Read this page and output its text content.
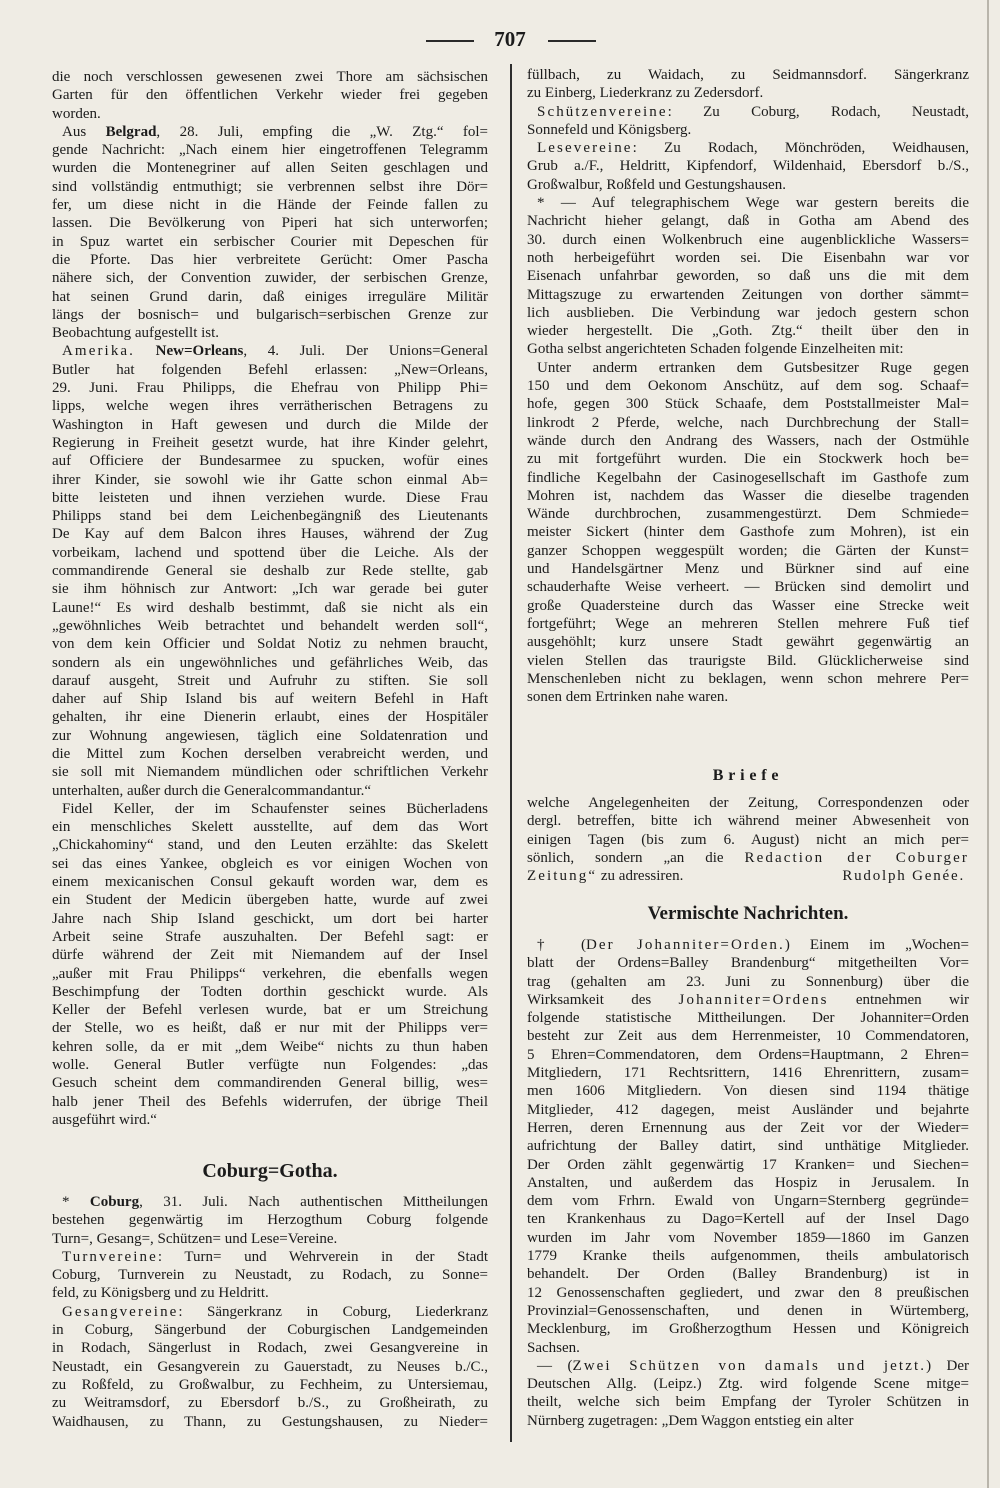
707
die noch verschlossen gewesenen zwei Thore am sächsischen
Garten für den öffentlichen Verkehr wieder frei gegeben
worden.
Aus Belgrad, 28. Juli, empfing die „W. Ztg.“ fol=
gende Nachricht: „Nach einem hier eingetroffenen Telegramm
wurden die Montenegriner auf allen Seiten geschlagen und
sind vollständig entmuthigt; sie verbrennen selbst ihre Dör=
fer, um diese nicht in die Hände der Feinde fallen zu
lassen. Die Bevölkerung von Piperi hat sich unterworfen;
in Spuz wartet ein serbischer Courier mit Depeschen für
die Pforte. Das hier verbreitete Gerücht: Omer Pascha
nähere sich, der Convention zuwider, der serbischen Grenze,
hat seinen Grund darin, daß einiges irreguläre Militär
längs der bosnisch= und bulgarisch=serbischen Grenze zur
Beobachtung aufgestellt ist.
Amerika. New=Orleans, 4. Juli. Der Unions=General
Butler hat folgenden Befehl erlassen: „New=Orleans,
29. Juni. Frau Philipps, die Ehefrau von Philipp Phi=
lipps, welche wegen ihres verrätherischen Betragens zu
Washington in Haft gewesen und durch die Milde der
Regierung in Freiheit gesetzt wurde, hat ihre Kinder gelehrt,
auf Officiere der Bundesarmee zu spucken, wofür eines
ihrer Kinder, sie sowohl wie ihr Gatte schon einmal Ab=
bitte leisteten und ihnen verziehen wurde. Diese Frau
Philipps stand bei dem Leichenbegängniß des Lieutenants
De Kay auf dem Balcon ihres Hauses, während der Zug
vorbeikam, lachend und spottend über die Leiche. Als der
commandirende General sie deshalb zur Rede stellte, gab
sie ihm höhnisch zur Antwort: „Ich war gerade bei guter
Laune!“ Es wird deshalb bestimmt, daß sie nicht als ein
„gewöhnliches Weib betrachtet und behandelt werden soll“,
von dem kein Officier und Soldat Notiz zu nehmen braucht,
sondern als ein ungewöhnliches und gefährliches Weib, das
darauf ausgeht, Streit und Aufruhr zu stiften. Sie soll
daher auf Ship Island bis auf weitern Befehl in Haft
gehalten, ihr eine Dienerin erlaubt, eines der Hospitäler
zur Wohnung angewiesen, täglich eine Soldatenration und
die Mittel zum Kochen derselben verabreicht werden, und
sie soll mit Niemandem mündlichen oder schriftlichen Verkehr
unterhalten, außer durch die Generalcommandantur.“
Fidel Keller, der im Schaufenster seines Bücherladens
ein menschliches Skelett ausstellte, auf dem das Wort
„Chickahominy“ stand, und den Leuten erzählte: das Skelett
sei das eines Yankee, obgleich es vor einigen Wochen von
einem mexicanischen Consul gekauft worden war, dem es
ein Student der Medicin übergeben hatte, wurde auf zwei
Jahre nach Ship Island geschickt, um dort bei harter
Arbeit seine Strafe auszuhalten. Der Befehl sagt: er
dürfe während der Zeit mit Niemandem auf der Insel
„außer mit Frau Philipps“ verkehren, die ebenfalls wegen
Beschimpfung der Todten dorthin geschickt wurde. Als
Keller der Befehl verlesen wurde, bat er um Streichung
der Stelle, wo es heißt, daß er nur mit der Philipps ver=
kehren solle, da er mit „dem Weibe“ nichts zu thun haben
wolle. General Butler verfügte nun Folgendes: „das
Gesuch scheint dem commandirenden General billig, wes=
halb jener Theil des Befehls widerrufen, der übrige Theil
ausgeführt wird.“
Coburg=Gotha.
* Coburg, 31. Juli. Nach authentischen Mittheilungen
bestehen gegenwärtig im Herzogthum Coburg folgende
Turn=, Gesang=, Schützen= und Lese=Vereine.
Turnvereine: Turn= und Wehrverein in der Stadt
Coburg, Turnverein zu Neustadt, zu Rodach, zu Sonne=
feld, zu Königsberg und zu Heldritt.
Gesangvereine: Sängerkranz in Coburg, Liederkranz
in Coburg, Sängerbund der Coburgischen Landgemeinden
in Rodach, Sängerlust in Rodach, zwei Gesangvereine in
Neustadt, ein Gesangverein zu Gauerstadt, zu Neuses b./C.,
zu Roßfeld, zu Großwalbur, zu Fechheim, zu Untersiemau,
zu Weitramsdorf, zu Ebersdorf b./S., zu Großheirath, zu
Waidhausen, zu Thann, zu Gestungshausen, zu Nieder=
füllbach, zu Waidach, zu Seidmannsdorf. Sängerkranz
zu Einberg, Liederkranz zu Zedersdorf.
Schützenvereine: Zu Coburg, Rodach, Neustadt,
Sonnefeld und Königsberg.
Lesevereine: Zu Rodach, Mönchröden, Weidhausen,
Grub a./F., Heldritt, Kipfendorf, Wildenhaid, Ebersdorf b./S.,
Großwalbur, Roßfeld und Gestungshausen.
* — Auf telegraphischem Wege war gestern bereits die
Nachricht hieher gelangt, daß in Gotha am Abend des
30. durch einen Wolkenbruch eine augenblickliche Wassers=
noth herbeigeführt worden sei. Die Eisenbahn war vor
Eisenach unfahrbar geworden, so daß uns die mit dem
Mittagszuge zu erwartenden Zeitungen von dorther sämmt=
lich ausblieben. Die Verbindung war jedoch gestern schon
wieder hergestellt. Die „Goth. Ztg.“ theilt über den in
Gotha selbst angerichteten Schaden folgende Einzelheiten mit:
Unter anderm ertranken dem Gutsbesitzer Ruge gegen
150 und dem Oekonom Anschütz, auf dem sog. Schaaf=
hofe, gegen 300 Stück Schaafe, dem Poststallmeister Mal=
linkrodt 2 Pferde, welche, nach Durchbrechung der Stall=
wände durch den Andrang des Wassers, nach der Ostmühle
zu mit fortgeführt wurden. Die ein Stockwerk hoch be=
findliche Kegelbahn der Casinogesellschaft im Gasthofe zum
Mohren ist, nachdem das Wasser die dieselbe tragenden
Wände durchbrochen, zusammengestürzt. Dem Schmiede=
meister Sickert (hinter dem Gasthofe zum Mohren), ist ein
ganzer Schoppen weggespült worden; die Gärten der Kunst=
und Handelsgärtner Menz und Bürkner sind auf eine
schauderhafte Weise verheert. — Brücken sind demolirt und
große Quadersteine durch das Wasser eine Strecke weit
fortgeführt; Wege an mehreren Stellen mehrere Fuß tief
ausgehöhlt; kurz unsere Stadt gewährt gegenwärtig an
vielen Stellen das traurigste Bild. Glücklicherweise sind
Menschenleben nicht zu beklagen, wenn schon mehrere Per=
sonen dem Ertrinken nahe waren.
Briefe
Rudolph Genée.
welche Angelegenheiten der Zeitung, Correspondenzen oder
dergl. betreffen, bitte ich während meiner Abwesenheit von
einigen Tagen (bis zum 6. August) nicht an mich per=
sönlich, sondern „an die Redaction der Coburger
Zeitung“ zu adressiren.
Vermischte Nachrichten.
† (Der Johanniter=Orden.) Einem im „Wochen=
blatt der Ordens=Balley Brandenburg“ mitgetheilten Vor=
trag (gehalten am 23. Juni zu Sonnenburg) über die
Wirksamkeit des Johanniter=Ordens entnehmen wir
folgende statistische Mittheilungen. Der Johanniter=Orden
besteht zur Zeit aus dem Herrenmeister, 10 Commendatoren,
5 Ehren=Commendatoren, dem Ordens=Hauptmann, 2 Ehren=
Mitgliedern, 171 Rechtsrittern, 1416 Ehrenrittern, zusam=
men 1606 Mitgliedern. Von diesen sind 1194 thätige
Mitglieder, 412 dagegen, meist Ausländer und bejahrte
Herren, deren Ernennung aus der Zeit vor der Wieder=
aufrichtung der Balley datirt, sind unthätige Mitglieder.
Der Orden zählt gegenwärtig 17 Kranken= und Siechen=
Anstalten, und außerdem das Hospiz in Jerusalem. In
dem vom Frhrn. Ewald von Ungarn=Sternberg gegründe=
ten Krankenhaus zu Dago=Kertell auf der Insel Dago
wurden im Jahr vom November 1859—1860 im Ganzen
1779 Kranke theils aufgenommen, theils ambulatorisch
behandelt. Der Orden (Balley Brandenburg) ist in
12 Genossenschaften gegliedert, und zwar den 8 preußischen
Provinzial=Genossenschaften, und denen in Würtemberg,
Mecklenburg, im Großherzogthum Hessen und Königreich
Sachsen.
— (Zwei Schützen von damals und jetzt.) Der
Deutschen Allg. (Leipz.) Ztg. wird folgende Scene mitge=
theilt, welche sich beim Empfang der Tyroler Schützen in
Nürnberg zugetragen: „Dem Waggon entstieg ein alter
